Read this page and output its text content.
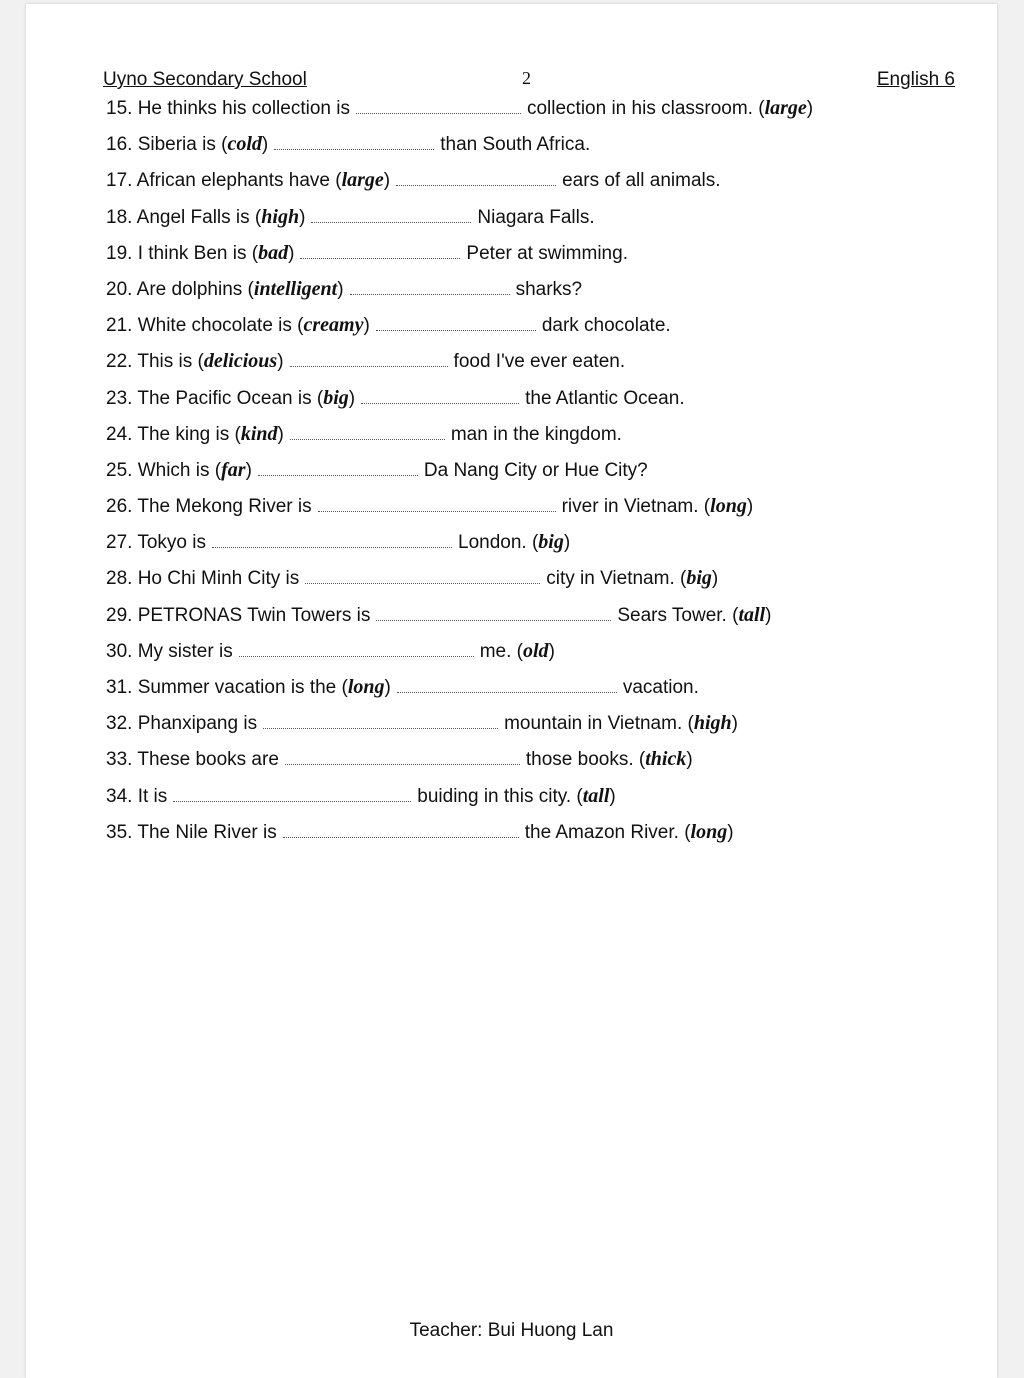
Uyno Secondary School	2	English 6
15. He thinks his collection is	collection in his classroom. (large)
16. Siberia is (cold)	than South Africa.
17. African elephants have (large)	ears of all animals.
18. Angel Falls is (high)	Niagara Falls.
19. I think Ben is (bad)	Peter at swimming.
20. Are dolphins (intelligent)	sharks?
21. White chocolate is (creamy)	dark chocolate.
22. This is (delicious)	food I've ever eaten.
23. The Pacific Ocean is (big)	the Atlantic Ocean.
24. The king is (kind)	man in the kingdom.
25. Which is (far)	Da Nang City or Hue City?
26. The Mekong River is	river in Vietnam. (long)
27. Tokyo is	London. (big)
28. Ho Chi Minh City is	city in Vietnam. (big)
29. PETRONAS Twin Towers is	Sears Tower. (tall)
30. My sister is	me. (old)
31. Summer vacation is the (long)	vacation.
32. Phanxipang is	mountain in Vietnam. (high)
33. These books are	those books. (thick)
34. It is	buiding in this city. (tall)
35. The Nile River is	the Amazon River. (long)
Teacher: Bui Huong Lan
